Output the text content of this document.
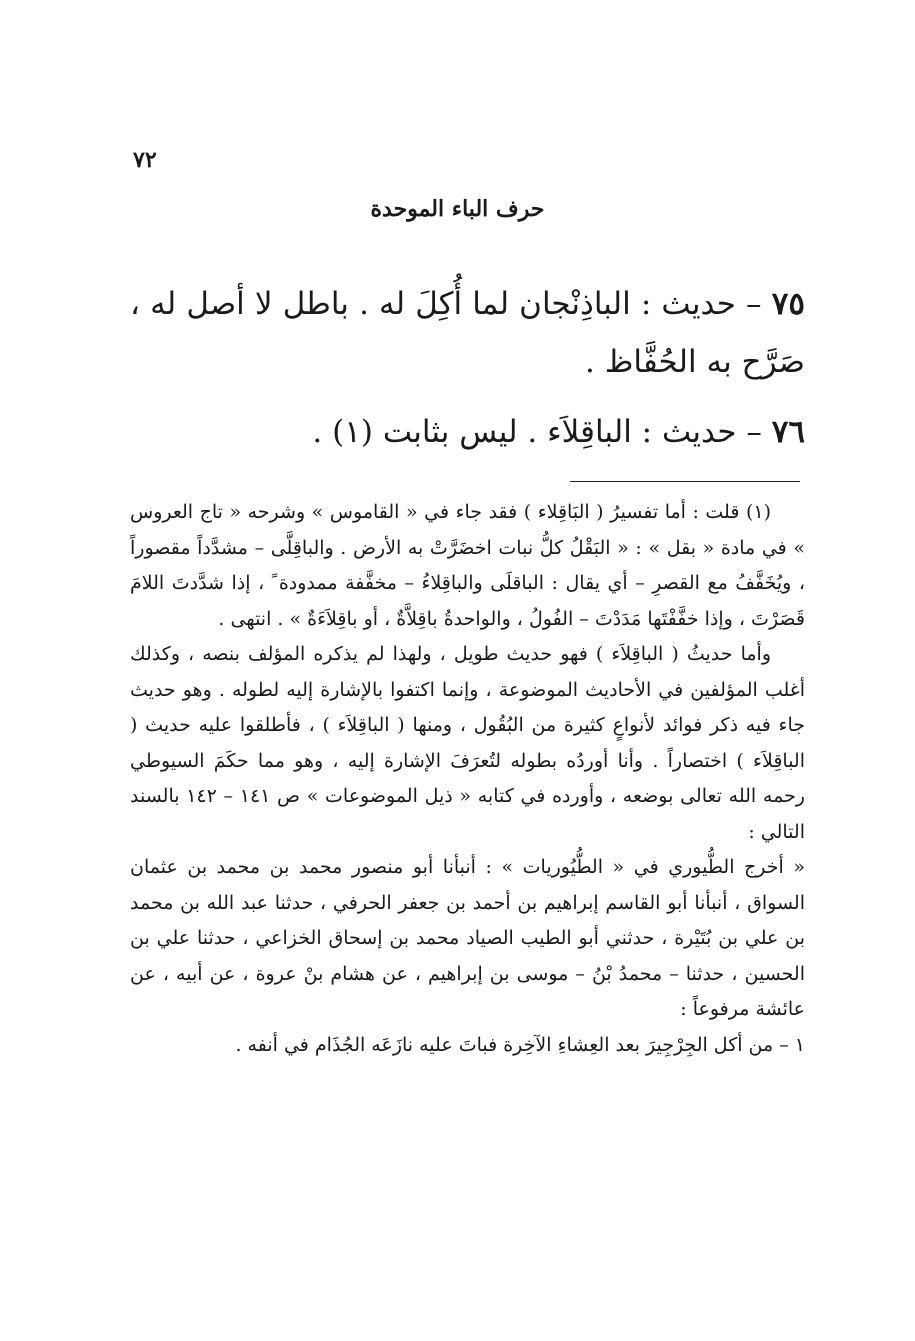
٧٢
حرف الباء الموحدة

٧٥ – حديث : الباذِنْجان لما أُكِلَ له . باطل لا أصل له ، صَرَّح به الحُفَّاظ .

٧٦ – حديث : الباقِلاَء . ليس بثابت (١) .

(١) قلت : أما تفسيرُ ( البَاقِلاء ) فقد جاء في « القاموس » وشرحه « تاج العروس » في مادة « بقل » : « البَقْلُ كلُّ نبات اخضَرَّتْ به الأرض . والباقِلَّى – مشدَّداً مقصوراً ، ويُخَفَّفُ مع القصرِ – أي يقال : الباقلَى والباقِلاءُ – مخفَّفة ممدودة ً ، إذا شدَّدتَ اللامَ قَصَرْتَ ، وإذا خفَّفْتَها مَدَدْتَ – الفُولُ ، والواحدةُ باقِلاَّةٌ ، أو باقِلاَءَةٌ » . انتهى .

وأما حديثُ ( الباقِلاَء ) فهو حديث طويل ، ولهذا لم يذكره المؤلف بنصه ، وكذلك أغلب المؤلفين في الأحاديث الموضوعة ، وإنما اكتفوا بالإشارة إليه لطوله . وهو حديث جاء فيه ذكر فوائد لأنواعٍ كثيرة من البُقُول ، ومنها ( الباقِلاَء ) ، فأطلقوا عليه حديث ( الباقِلاَء ) اختصاراً . وأنا أوردُه بطوله لتُعرَفَ الإشارة إليه ، وهو مما حكَمَ السيوطي رحمه الله تعالى بوضعه ، وأورده في كتابه « ذيل الموضوعات » ص ١٤١ – ١٤٢ بالسند التالي :

« أخرج الطُّيوري في « الطُّيُوريات » : أنبأنا أبو منصور محمد بن محمد بن عثمان السواق ، أنبأنا أبو القاسم إبراهيم بن أحمد بن جعفر الحرفي ، حدثنا عبد الله بن محمد بن علي بن بُتَيْرة ، حدثني أبو الطيب الصياد محمد بن إسحاق الخزاعي ، حدثنا علي بن الحسين ، حدثنا – محمدُ بْنُ – موسى بن إبراهيم ، عن هشام بنْ عروة ، عن أبيه ، عن عائشة مرفوعاً :

١ – من أكل الجِرْجِيرَ بعد العِشاءِ الآخِرة فباتَ عليه نازَعَه الجُذَام في أنفه .
